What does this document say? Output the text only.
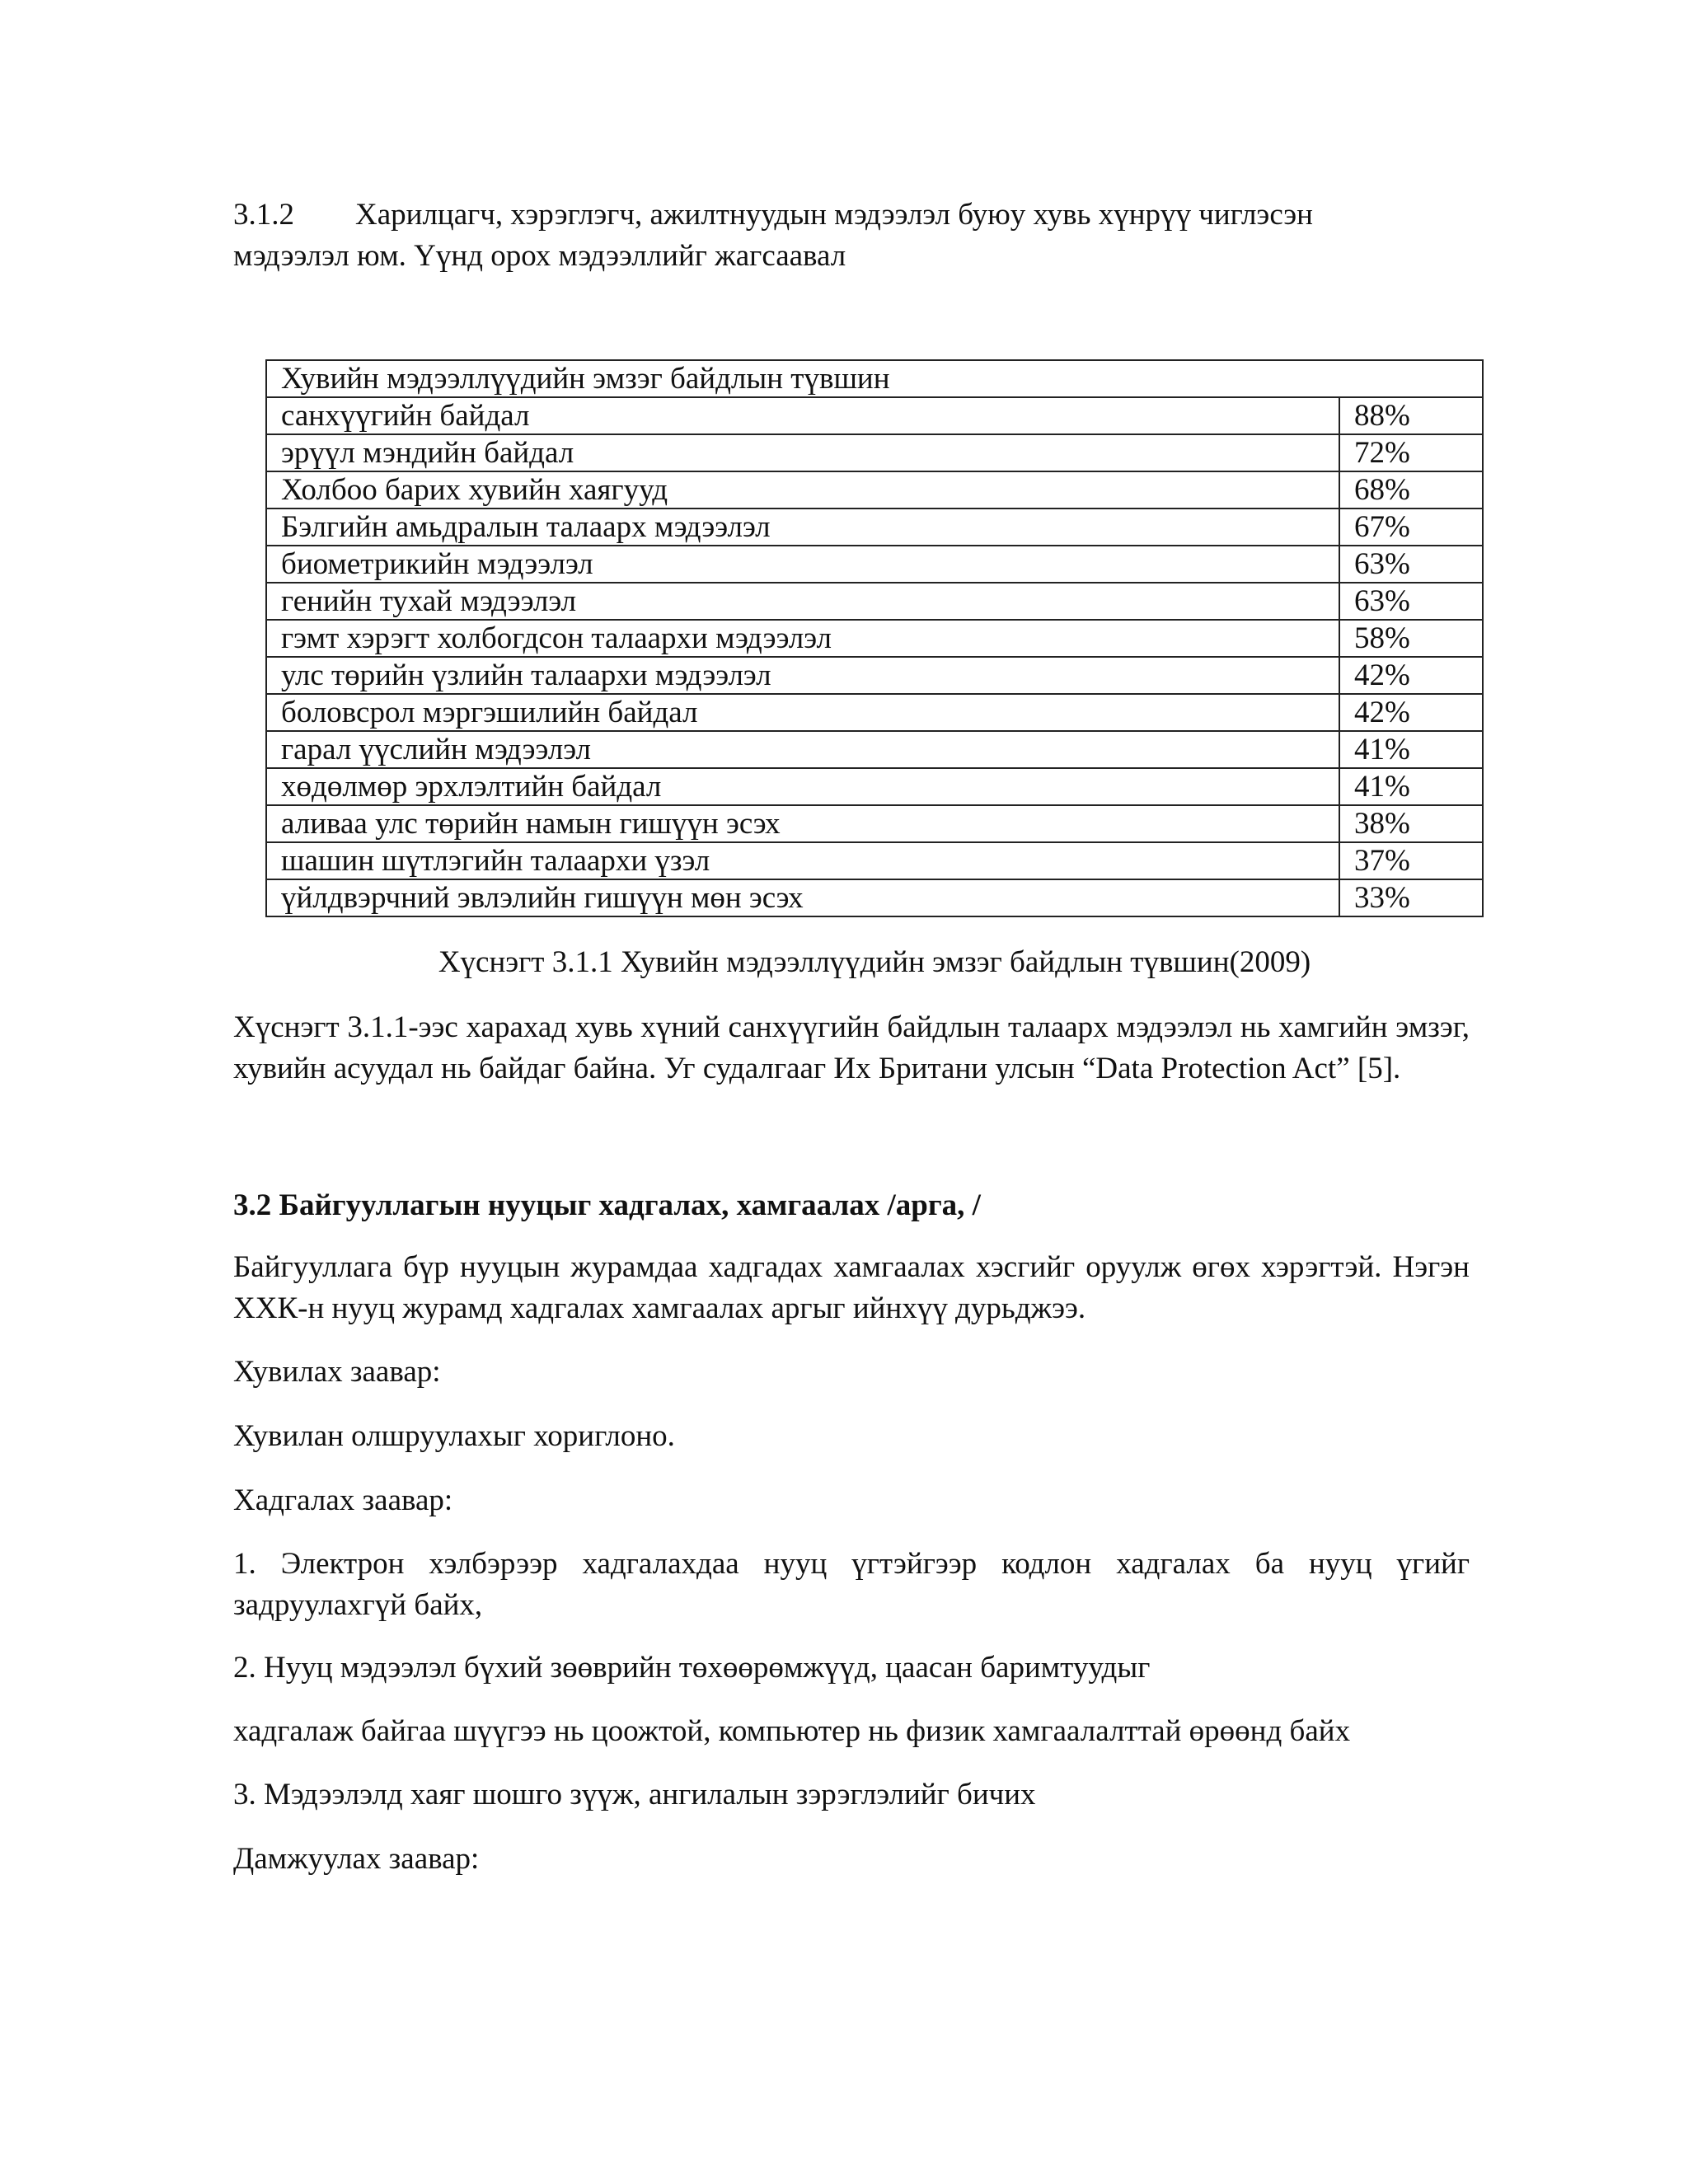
3.1.2 Харилцагч, хэрэглэгч, ажилтнуудын мэдээлэл буюу хувь хүнрүү чиглэсэн
мэдээлэл юм. Үүнд орох мэдээллийг жагсаавал
Хувийн мэдээллүүдийн эмзэг байдлын түвшин	
санхүүгийн байдал	88%
эрүүл мэндийн байдал	72%
Холбоо барих хувийн хаягууд	68%
Бэлгийн амьдралын талаарх мэдээлэл	67%
биометрикийн мэдээлэл	63%
генийн тухай мэдээлэл	63%
гэмт хэрэгт холбогдсон талаархи мэдээлэл	58%
улс төрийн үзлийн талаархи мэдээлэл	42%
боловсрол мэргэшилийн байдал	42%
гарал үүслийн мэдээлэл	41%
хөдөлмөр эрхлэлтийн байдал	41%
аливаа улс төрийн намын гишүүн эсэх	38%
шашин шүтлэгийн талаархи үзэл	37%
үйлдвэрчний эвлэлийн гишүүн мөн эсэх	33%
Хүснэгт 3.1.1 Хувийн мэдээллүүдийн эмзэг байдлын түвшин(2009)
Хүснэгт 3.1.1-ээс харахад хувь хүний санхүүгийн байдлын талаарх мэдээлэл нь хамгийн эмзэг, хувийн асуудал нь байдаг байна. Уг судалгааг Их Британи улсын “Data Protection Act” [5].
3.2 Байгууллагын нууцыг хадгалах, хамгаалах /арга, /
Байгууллага бүр нууцын журамдаа хадгадах хамгаалах хэсгийг оруулж өгөх хэрэгтэй. Нэгэн ХХК-н нууц журамд хадгалах хамгаалах аргыг ийнхүү дурьджээ.
Хувилах заавар:
Хувилан олшруулахыг хориглоно.
Хадгалах заавар:
1. Электрон хэлбэрээр хадгалахдаа нууц үгтэйгээр кодлон хадгалах ба нууц үгийг задруулахгүй байх,
2. Нууц мэдээлэл бүхий зөөврийн төхөөрөмжүүд, цаасан баримтуудыг
хадгалаж байгаа шүүгээ нь цоожтой, компьютер нь физик хамгаалалттай өрөөнд байх
3. Мэдээлэлд хаяг шошго зүүж, ангилалын зэрэглэлийг бичих
Дамжуулах заавар:
